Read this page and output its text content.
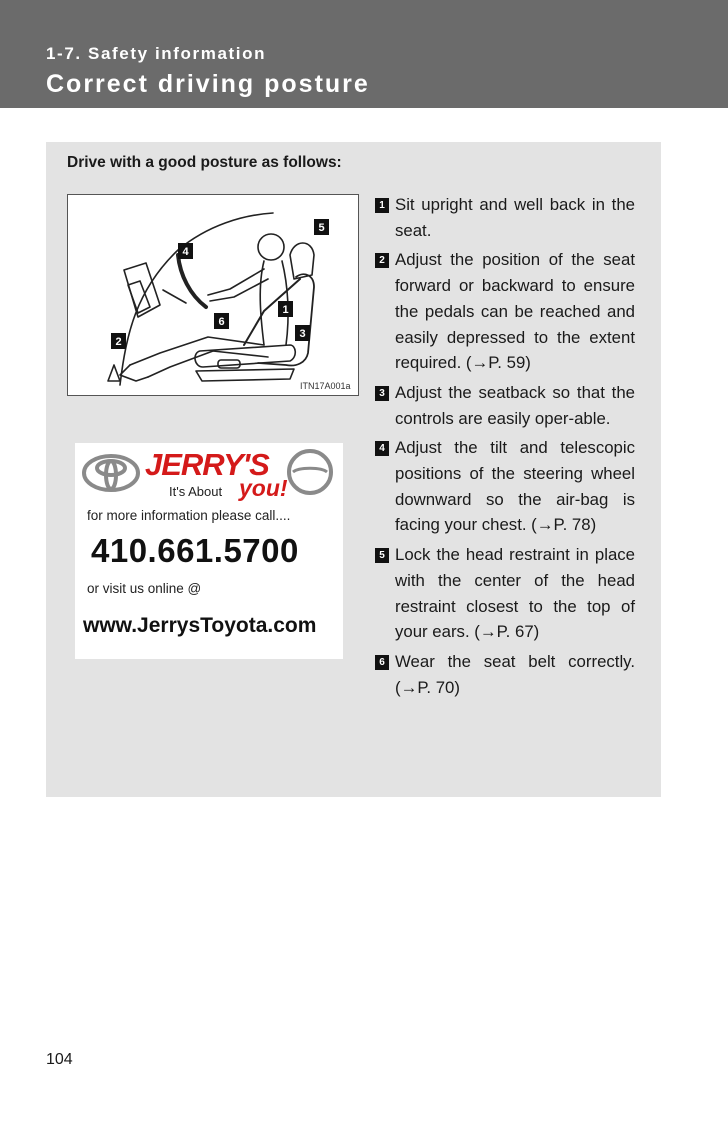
1-7. Safety information
Correct driving posture
Drive with a good posture as follows:
1
2
3
4
5
6
ITN17A001a
JERRY'S
It's About you!
for more information please call....
410.661.5700
or visit us online @
www.JerrysToyota.com
1 Sit upright and well back in the seat.
2 Adjust the position of the seat forward or backward to ensure the pedals can be reached and easily depressed to the extent required. (→P. 59)
3 Adjust the seatback so that the controls are easily oper-able.
4 Adjust the tilt and telescopic positions of the steering wheel downward so the air-bag is facing your chest. (→P. 78)
5 Lock the head restraint in place with the center of the head restraint closest to the top of your ears. (→P. 67)
6 Wear the seat belt correctly. (→P. 70)
104
